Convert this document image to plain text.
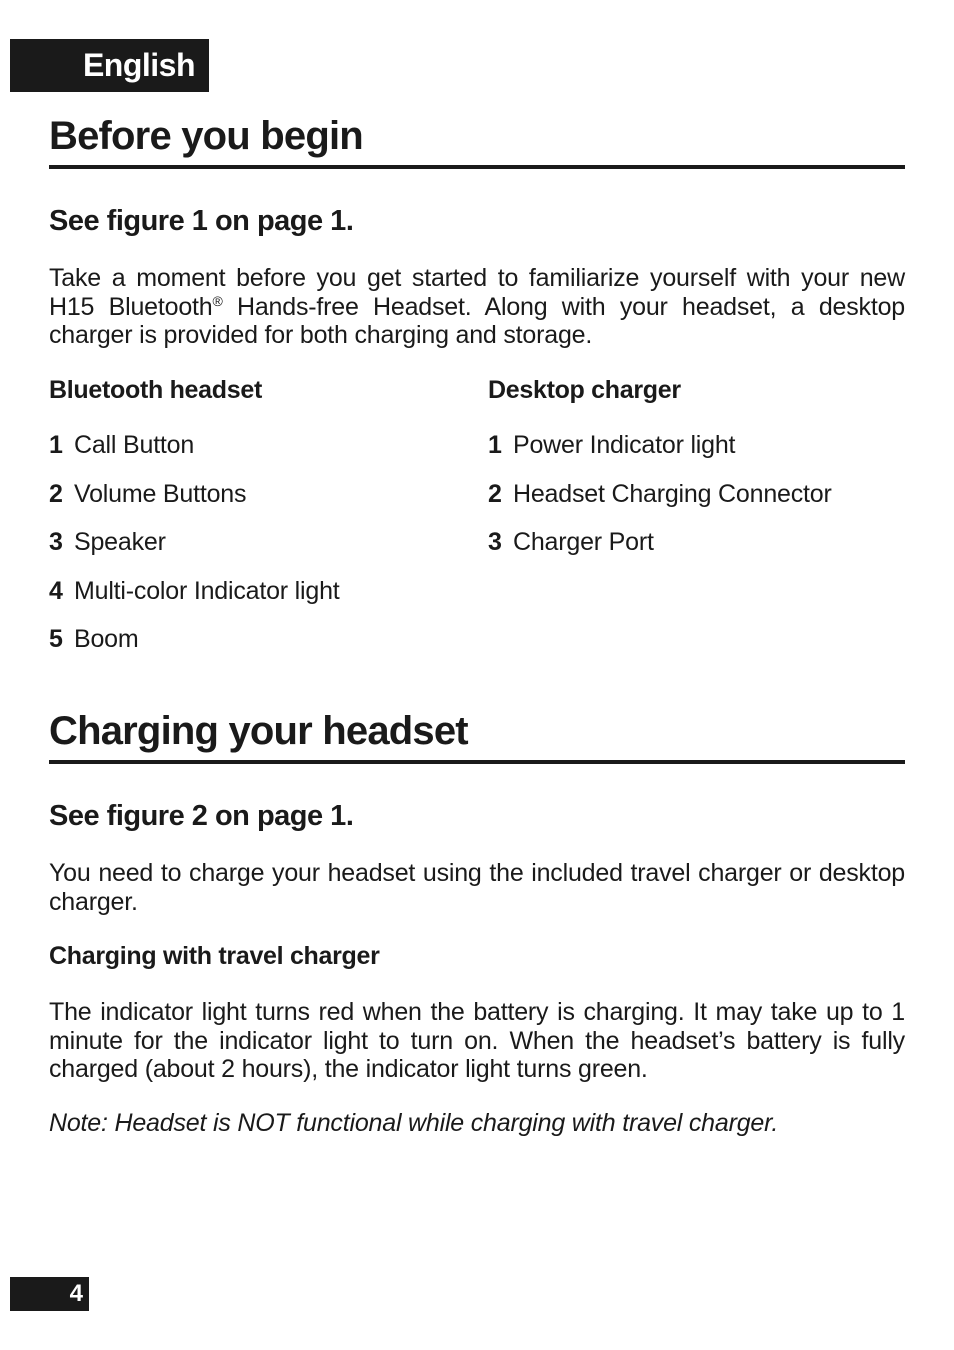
English
Before you begin
See figure 1 on page 1.
Take a moment before you get started to familiarize yourself with your new H15 Bluetooth® Hands-free Headset. Along with your headset, a desktop charger is provided for both charging and storage.
Bluetooth headset	Desktop charger
1 Call Button
2 Volume Buttons
3 Speaker
4 Multi-color Indicator light
5 Boom
1 Power Indicator light
2 Headset Charging Connector
3 Charger Port
Charging your headset
See figure 2 on page 1.
You need to charge your headset using the included travel charger or desktop charger.
Charging with travel charger
The indicator light turns red when the battery is charging. It may take up to 1 minute for the indicator light to turn on. When the headset’s battery is fully charged (about 2 hours), the indicator light turns green.
Note: Headset is NOT functional while charging with travel charger.
4
